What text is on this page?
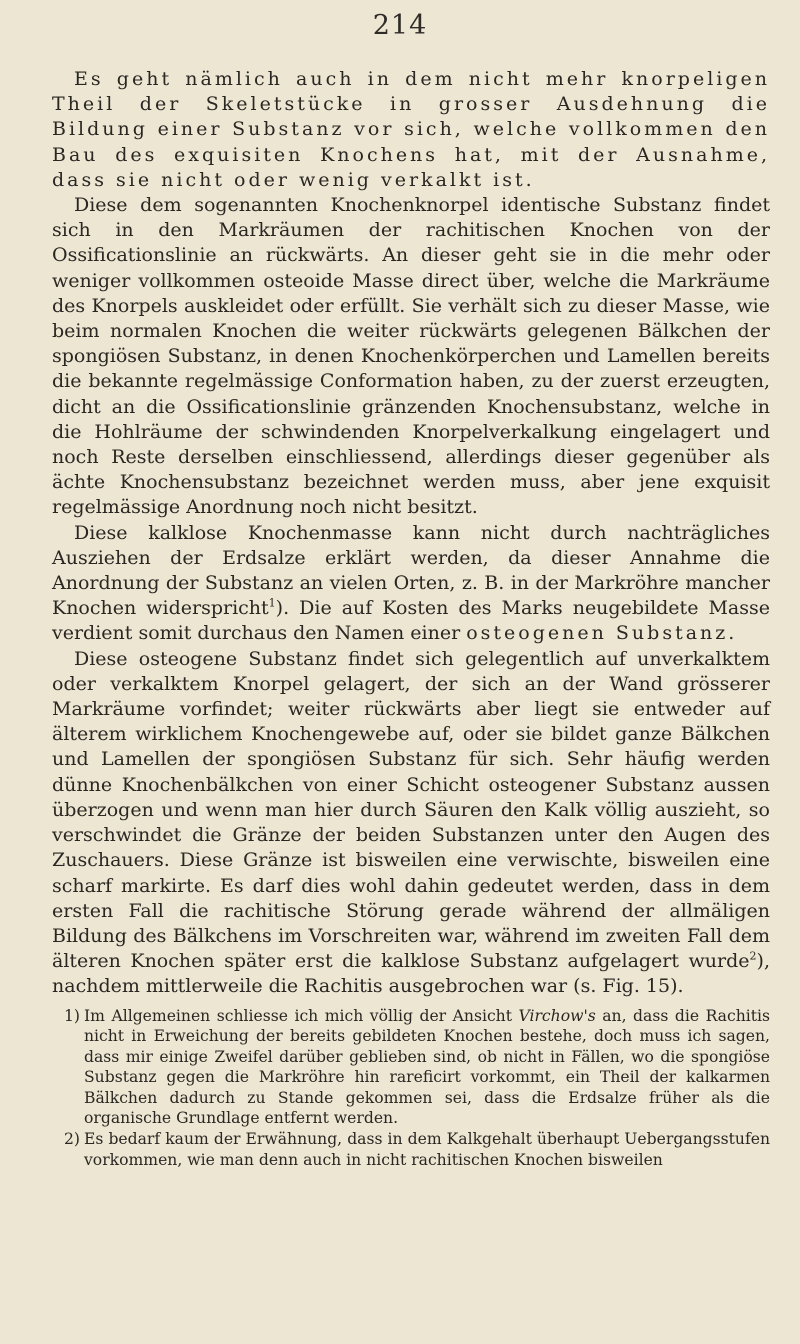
214

Es geht nämlich auch in dem nicht mehr knorpeligen Theil der Skeletstücke in grosser Ausdehnung die Bildung einer Substanz vor sich, welche vollkommen den Bau des exquisiten Knochens hat, mit der Ausnahme, dass sie nicht oder wenig verkalkt ist.

Diese dem sogenannten Knochenknorpel identische Substanz findet sich in den Markräumen der rachitischen Knochen von der Ossificationslinie an rückwärts. An dieser geht sie in die mehr oder weniger vollkommen osteoide Masse direct über, welche die Markräume des Knorpels auskleidet oder erfüllt. Sie verhält sich zu dieser Masse, wie beim normalen Knochen die weiter rückwärts gelegenen Bälkchen der spongiösen Substanz, in denen Knochenkörperchen und Lamellen bereits die bekannte regelmässige Conformation haben, zu der zuerst erzeugten, dicht an die Ossificationslinie gränzenden Knochensubstanz, welche in die Hohlräume der schwindenden Knorpelverkalkung eingelagert und noch Reste derselben einschliessend, allerdings dieser gegenüber als ächte Knochensubstanz bezeichnet werden muss, aber jene exquisit regelmässige Anordnung noch nicht besitzt.

Diese kalklose Knochenmasse kann nicht durch nachträgliches Ausziehen der Erdsalze erklärt werden, da dieser Annahme die Anordnung der Substanz an vielen Orten, z. B. in der Markröhre mancher Knochen widerspricht$^1$). Die auf Kosten des Marks neugebildete Masse verdient somit durchaus den Namen einer osteogenen Substanz.

Diese osteogene Substanz findet sich gelegentlich auf unverkalktem oder verkalktem Knorpel gelagert, der sich an der Wand grösserer Markräume vorfindet; weiter rückwärts aber liegt sie entweder auf älterem wirklichem Knochengewebe auf, oder sie bildet ganze Bälkchen und Lamellen der spongiösen Substanz für sich. Sehr häufig werden dünne Knochenbälkchen von einer Schicht osteogener Substanz aussen überzogen und wenn man hier durch Säuren den Kalk völlig auszieht, so verschwindet die Gränze der beiden Substanzen unter den Augen des Zuschauers. Diese Gränze ist bisweilen eine verwischte, bisweilen eine scharf markirte. Es darf dies wohl dahin gedeutet werden, dass in dem ersten Fall die rachitische Störung gerade während der allmäligen Bildung des Bälkchens im Vorschreiten war, während im zweiten Fall dem älteren Knochen später erst die kalklose Substanz aufgelagert wurde$^2$), nachdem mittlerweile die Rachitis ausgebrochen war (s. Fig. 15).

1) Im Allgemeinen schliesse ich mich völlig der Ansicht Virchow's an, dass die Rachitis nicht in Erweichung der bereits gebildeten Knochen bestehe, doch muss ich sagen, dass mir einige Zweifel darüber geblieben sind, ob nicht in Fällen, wo die spongiöse Substanz gegen die Markröhre hin rareficirt vorkommt, ein Theil der kalkarmen Bälkchen dadurch zu Stande gekommen sei, dass die Erdsalze früher als die organische Grundlage entfernt werden.

2) Es bedarf kaum der Erwähnung, dass in dem Kalkgehalt überhaupt Uebergangsstufen vorkommen, wie man denn auch in nicht rachitischen Knochen bisweilen
